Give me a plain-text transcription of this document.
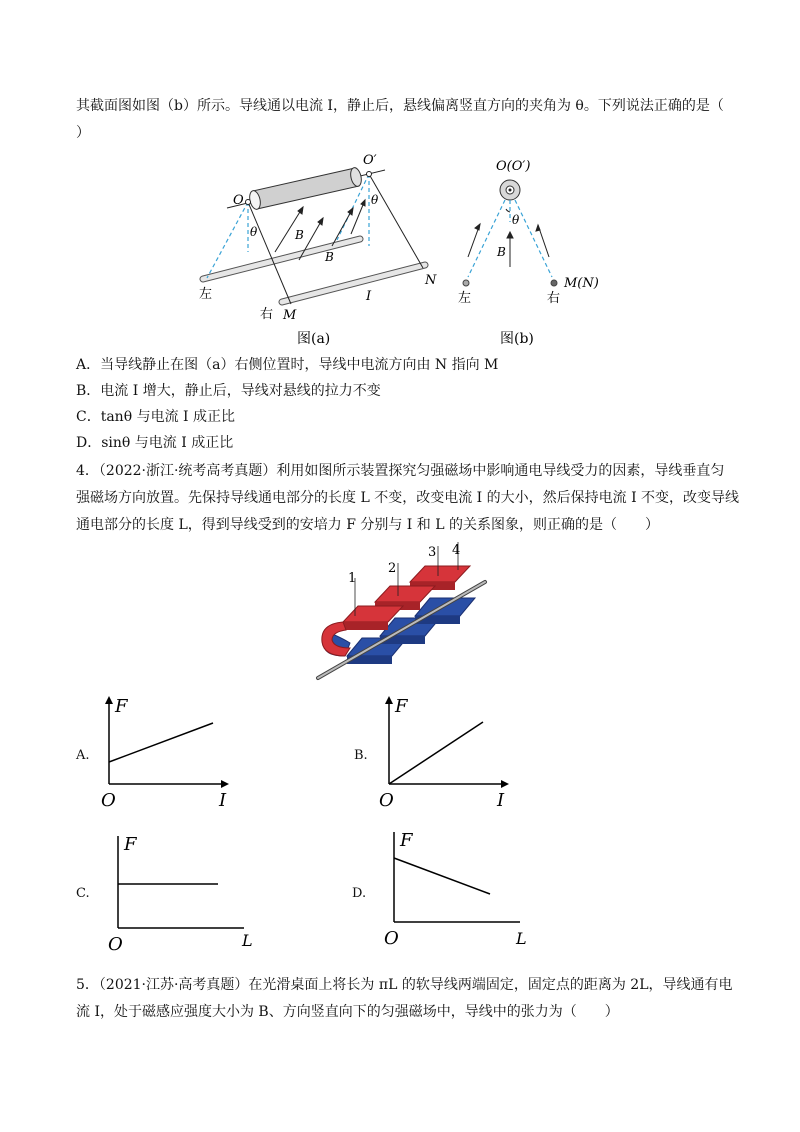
其截面图如图（b）所示。导线通以电流 I，静止后，悬线偏离竖直方向的夹角为 θ。下列说法正确的是（
）
O
O′
θ
θ
B
B
左
右 M
N
I
图(a)
O(O′)
θ
B
左	右
M(N)
图(b)
A．当导线静止在图（a）右侧位置时，导线中电流方向由 N 指向 M
B．电流 I 增大，静止后，导线对悬线的拉力不变
C．tanθ 与电流 I 成正比
D．sinθ 与电流 I 成正比
4．（2022·浙江·统考高考真题）利用如图所示装置探究匀强磁场中影响通电导线受力的因素，导线垂直匀
强磁场方向放置。先保持导线通电部分的长度 L 不变，改变电流 I 的大小，然后保持电流 I 不变，改变导线
通电部分的长度 L，得到导线受到的安培力 F 分别与 I 和 L 的关系图象，则正确的是（　　）
1
2
3 4
A.
F
I
O
B.
F
I
O
C.
F
L
O
D.
F
L
O
5．（2021·江苏·高考真题）在光滑桌面上将长为 πL 的软导线两端固定，固定点的距离为 2L，导线通有电
流 I，处于磁感应强度大小为 B、方向竖直向下的匀强磁场中，导线中的张力为（　　）
